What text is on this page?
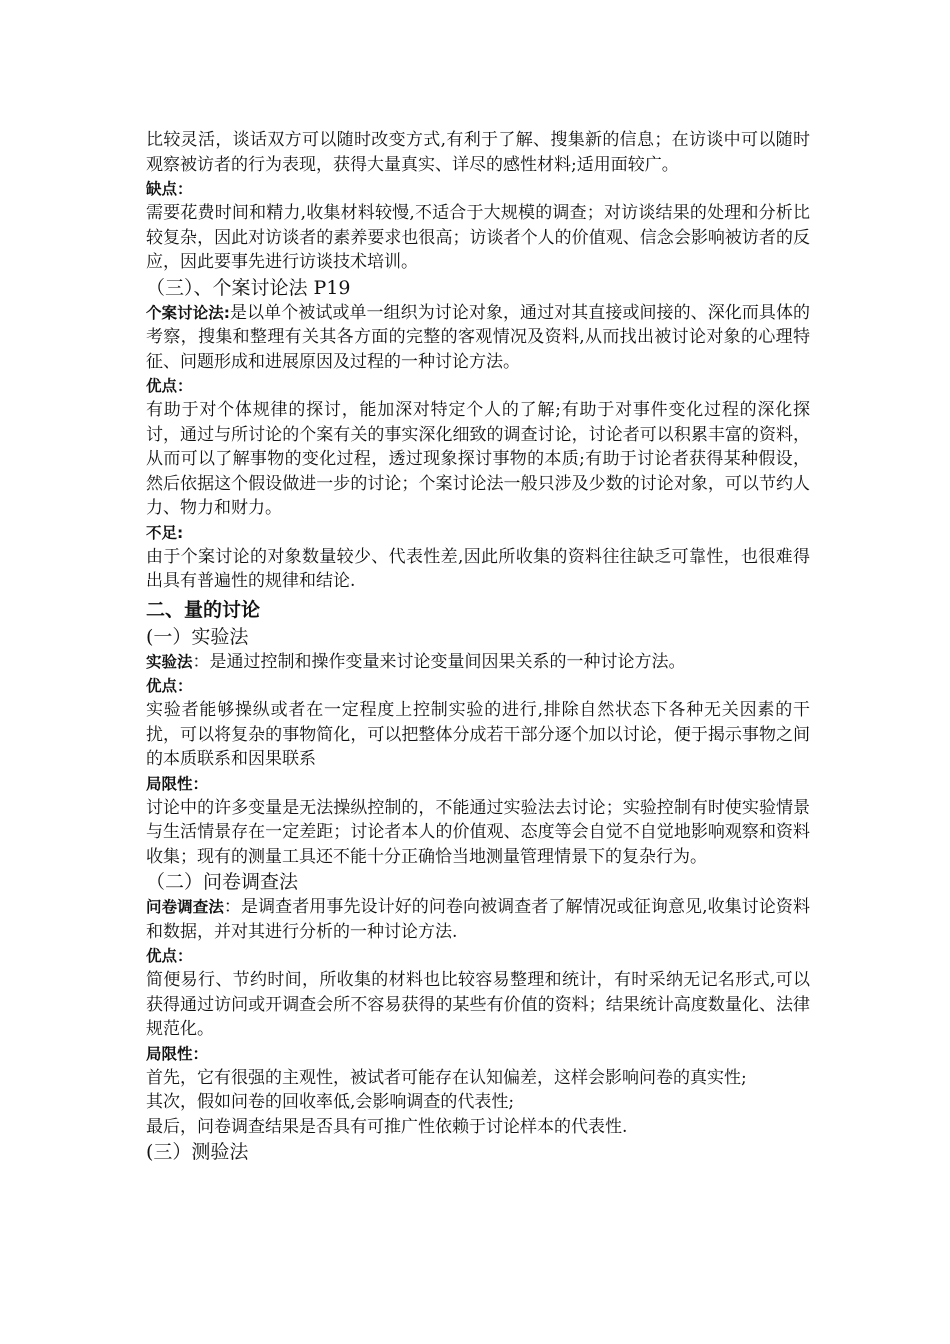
比较灵活，谈话双方可以随时改变方式,有利于了解、搜集新的信息；在访谈中可以随时观察被访者的行为表现，获得大量真实、详尽的感性材料;适用面较广。

缺点：

需要花费时间和精力,收集材料较慢,不适合于大规模的调查；对访谈结果的处理和分析比较复杂，因此对访谈者的素养要求也很高；访谈者个人的价值观、信念会影响被访者的反应，因此要事先进行访谈技术培训。

（三）、个案讨论法 P19

个案讨论法:是以单个被试或单一组织为讨论对象，通过对其直接或间接的、深化而具体的考察，搜集和整理有关其各方面的完整的客观情况及资料,从而找出被讨论对象的心理特征、问题形成和进展原因及过程的一种讨论方法。

优点：

有助于对个体规律的探讨，能加深对特定个人的了解;有助于对事件变化过程的深化探讨，通过与所讨论的个案有关的事实深化细致的调查讨论，讨论者可以积累丰富的资料，从而可以了解事物的变化过程，透过现象探讨事物的本质;有助于讨论者获得某种假设，然后依据这个假设做进一步的讨论；个案讨论法一般只涉及少数的讨论对象，可以节约人力、物力和财力。

不足:

由于个案讨论的对象数量较少、代表性差,因此所收集的资料往往缺乏可靠性，也很难得出具有普遍性的规律和结论.

二、量的讨论

(一）实验法

实验法：是通过控制和操作变量来讨论变量间因果关系的一种讨论方法。

优点：

实验者能够操纵或者在一定程度上控制实验的进行,排除自然状态下各种无关因素的干扰，可以将复杂的事物简化，可以把整体分成若干部分逐个加以讨论，便于揭示事物之间的本质联系和因果联系

局限性：

讨论中的许多变量是无法操纵控制的，不能通过实验法去讨论；实验控制有时使实验情景与生活情景存在一定差距；讨论者本人的价值观、态度等会自觉不自觉地影响观察和资料收集；现有的测量工具还不能十分正确恰当地测量管理情景下的复杂行为。

（二）问卷调查法

问卷调查法：是调查者用事先设计好的问卷向被调查者了解情况或征询意见,收集讨论资料和数据，并对其进行分析的一种讨论方法.

优点：

简便易行、节约时间，所收集的材料也比较容易整理和统计，有时采纳无记名形式,可以获得通过访问或开调查会所不容易获得的某些有价值的资料；结果统计高度数量化、法律规范化。

局限性：

首先，它有很强的主观性，被试者可能存在认知偏差，这样会影响问卷的真实性;

其次，假如问卷的回收率低,会影响调查的代表性;

最后，问卷调查结果是否具有可推广性依赖于讨论样本的代表性.

(三）测验法
